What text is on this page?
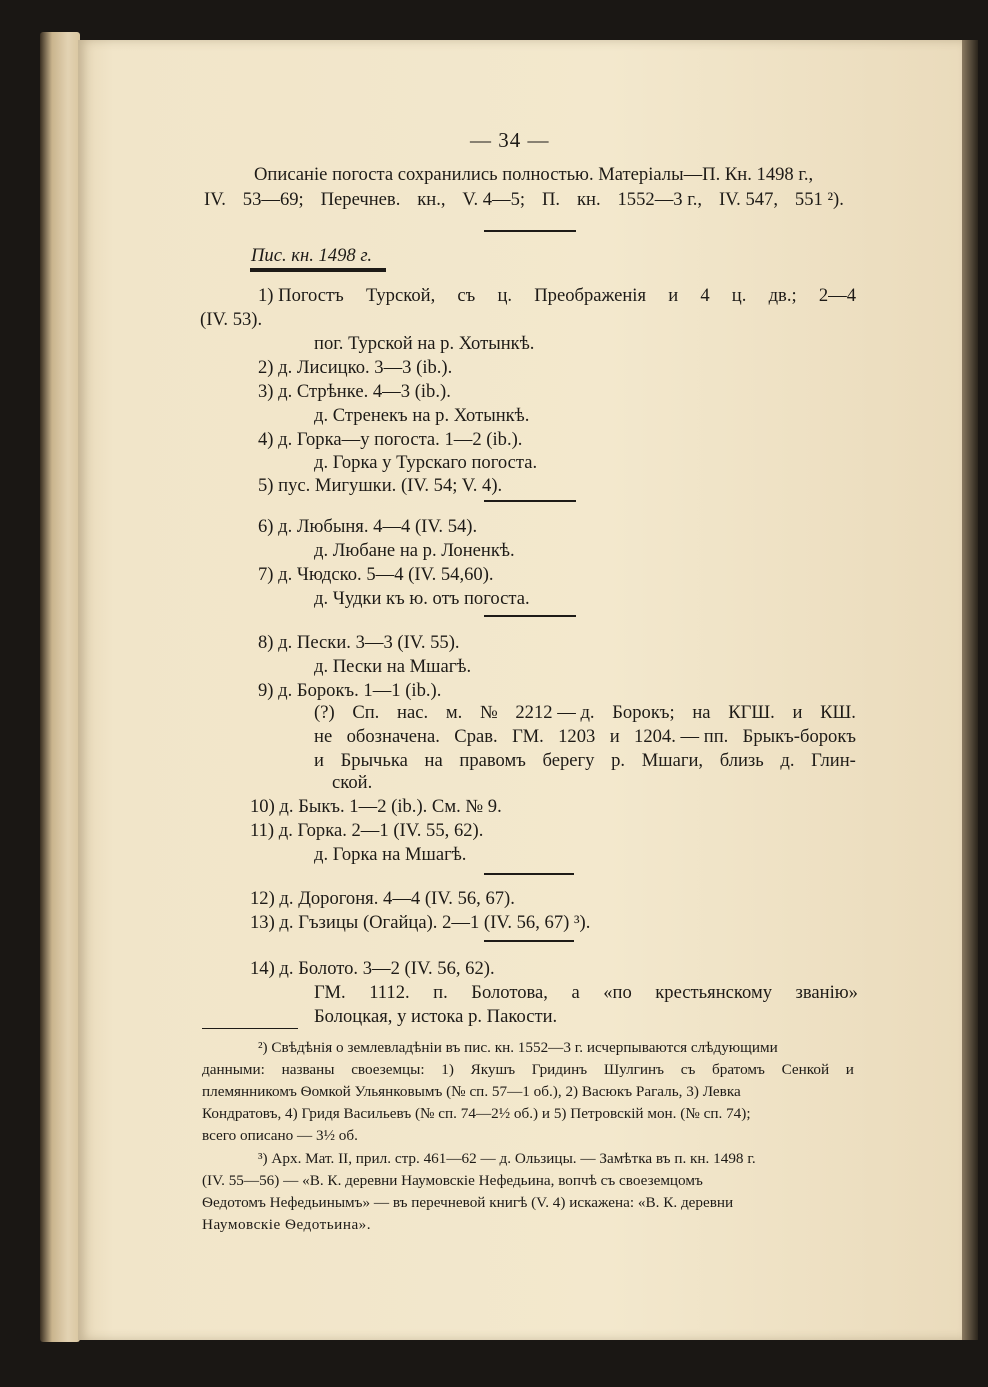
— 34 —
Описаніе погоста сохранились полностью. Матеріалы—П. Кн. 1498 г.,
IV. 53—69; Перечнев. кн., V. 4—5; П. кн. 1552—3 г., IV. 547, 551 ²).
Пис. кн. 1498 г.
1) Погостъ Турской, съ ц. Преображенія и 4 ц. дв.; 2—4
(IV. 53).
пог. Турской на р. Хотынкѣ.
2) д. Лисицко. 3—3 (ib.).
3) д. Стрѣнке. 4—3 (ib.).
д. Стренекъ на р. Хотынкѣ.
4) д. Горка—у погоста. 1—2 (ib.).
д. Горка у Турскаго погоста.
5) пус. Мигушки. (IV. 54; V. 4).
6) д. Любыня. 4—4 (IV. 54).
д. Любане на р. Лоненкѣ.
7) д. Чюдско. 5—4 (IV. 54,60).
д. Чудки къ ю. отъ погоста.
8) д. Пески. 3—3 (IV. 55).
д. Пески на Мшагѣ.
9) д. Борокъ. 1—1 (ib.).
(?) Сп. нас. м. № 2212 — д. Борокъ; на КГШ. и КШ.
не обозначена. Срав. ГМ. 1203 и 1204. — пп. Брыкъ-борокъ
и Брычька на правомъ берегу р. Мшаги, близь д. Глин-
ской.
10) д. Быкъ. 1—2 (ib.). См. № 9.
11) д. Горка. 2—1 (IV. 55, 62).
д. Горка на Мшагѣ.
12) д. Дорогоня. 4—4 (IV. 56, 67).
13) д. Гъзицы (Огайца). 2—1 (IV. 56, 67) ³).
14) д. Болото. 3—2 (IV. 56, 62).
ГМ. 1112. п. Болотова, а «по крестьянскому званію»
Болоцкая, у истока р. Пакости.
²) Свѣдѣнія о землевладѣніи въ пис. кн. 1552—3 г. исчерпываются слѣдующими
данными: названы своеземцы: 1) Якушъ Гридинъ Шулгинъ съ братомъ Сенкой и
племянникомъ Ѳомкой Ульянковымъ (№ сп. 57—1 об.), 2) Васюкъ Рагаль, 3) Левка
Кондратовъ, 4) Гридя Васильевъ (№ сп. 74—2½ об.) и 5) Петровскій мон. (№ сп. 74);
всего описано — 3½ об.
³) Арх. Мат. II, прил. стр. 461—62 — д. Ользицы. — Замѣтка въ п. кн. 1498 г.
(IV. 55—56) — «В. К. деревни Наумовскіе Нефедьина, вопчѣ съ своеземцомъ
Ѳедотомъ Нефедьинымъ» — въ перечневой книгѣ (V. 4) искажена: «В. К. деревни
Наумовскіе Ѳедотьина».
